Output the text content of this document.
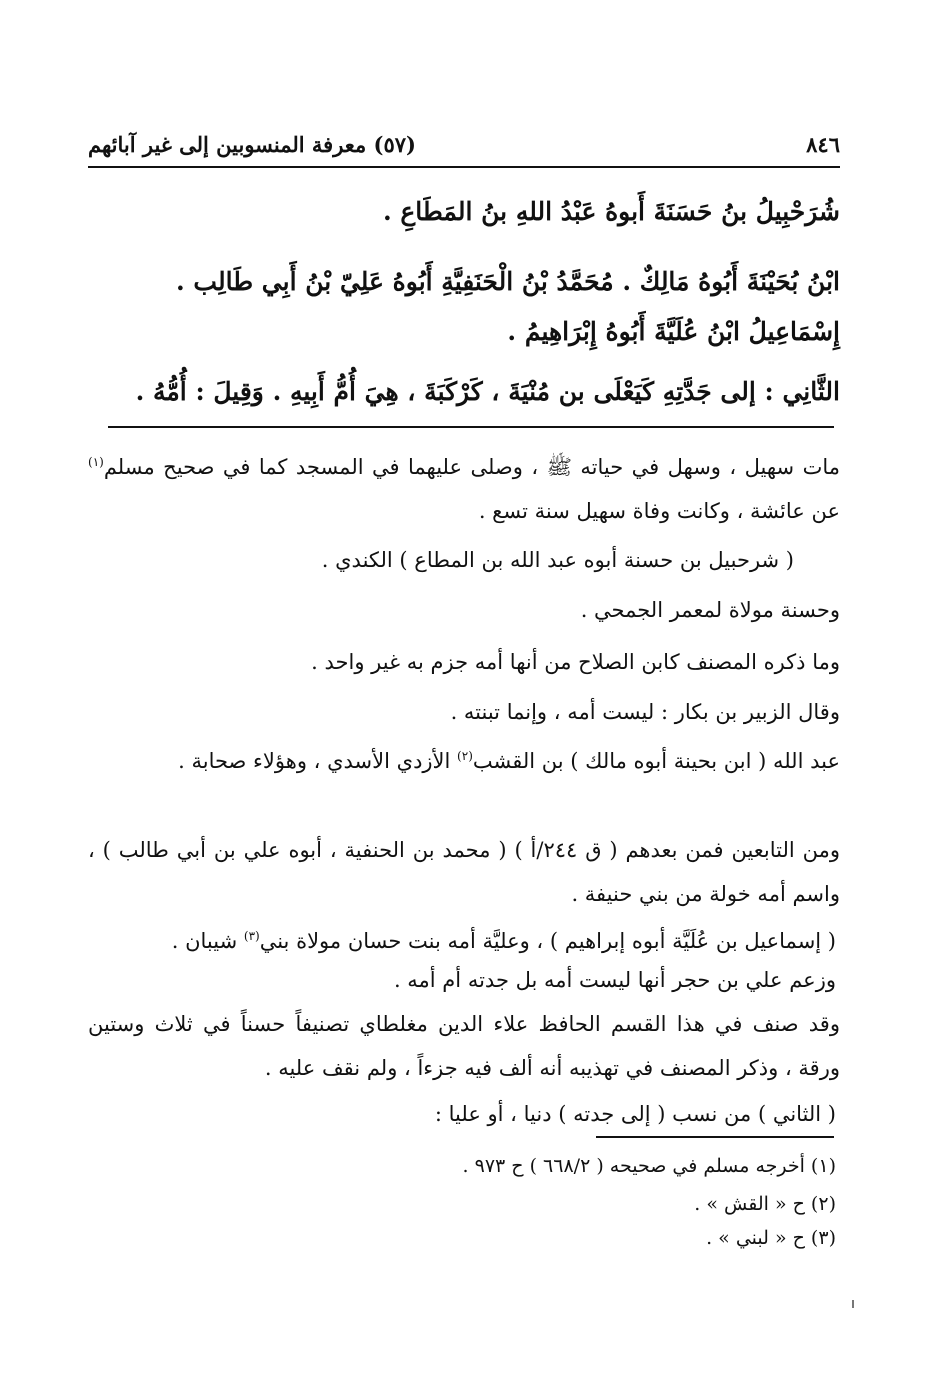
٨٤٦
(٥٧) معرفة المنسوبين إلى غير آبائهم

شُرَحْبِيلُ بنُ حَسَنَةَ أَبوهُ عَبْدُ اللهِ بنُ المَطَاعِ .

ابْنُ بُحَيْنَةَ أَبُوهُ مَالِكٌ . مُحَمَّدُ بْنُ الْحَنَفِيَّةِ أَبُوهُ عَلِيّ بْنُ أَبِي طَالِب .

إِسْمَاعِيلُ ابْنُ عُلَيَّةَ أَبُوهُ إِبْرَاهِيمُ .

الثَّانِي : إلى جَدَّتِهِ كَيَعْلَى بن مُنْيَةَ ، كَرْكَبَةَ ، هِيَ أُمُّ أَبِيهِ . وَقِيلَ : أُمُّهُ .

مات سهيل ، وسهل في حياته ﷺ ، وصلى عليهما في المسجد كما في صحيح مسلم$^{(١)}$ عن عائشة ، وكانت وفاة سهيل سنة تسع .

( شرحبيل بن حسنة أبوه عبد الله بن المطاع ) الكندي .

وحسنة مولاة لمعمر الجمحي .

وما ذكره المصنف كابن الصلاح من أنها أمه جزم به غير واحد .

وقال الزبير بن بكار : ليست أمه ، وإنما تبنته .

عبد الله ( ابن بحينة أبوه مالك ) بن القشب$^{(٢)}$ الأزدي الأسدي ، وهؤلاء صحابة .

ومن التابعين فمن بعدهم ( ق ٢٤٤/أ ) ( محمد بن الحنفية ، أبوه علي بن أبي طالب ) ، واسم أمه خولة من بني حنيفة .

( إسماعيل بن عُلَيَّة أبوه إبراهيم ) ، وعليَّة أمه بنت حسان مولاة بني$^{(٣)}$ شيبان .

وزعم علي بن حجر أنها ليست أمه بل جدته أم أمه .

وقد صنف في هذا القسم الحافظ علاء الدين مغلطاي تصنيفاً حسناً في ثلاث وستين ورقة ، وذكر المصنف في تهذيبه أنه ألف فيه جزءاً ، ولم نقف عليه .

( الثاني ) من نسب ( إلى جدته ) دنيا ، أو عليا :

(١) أخرجه مسلم في صحيحه ( ٦٦٨/٢ ) ح ٩٧٣ .

(٢) ح « القش » .

(٣) ح « لبني » .
